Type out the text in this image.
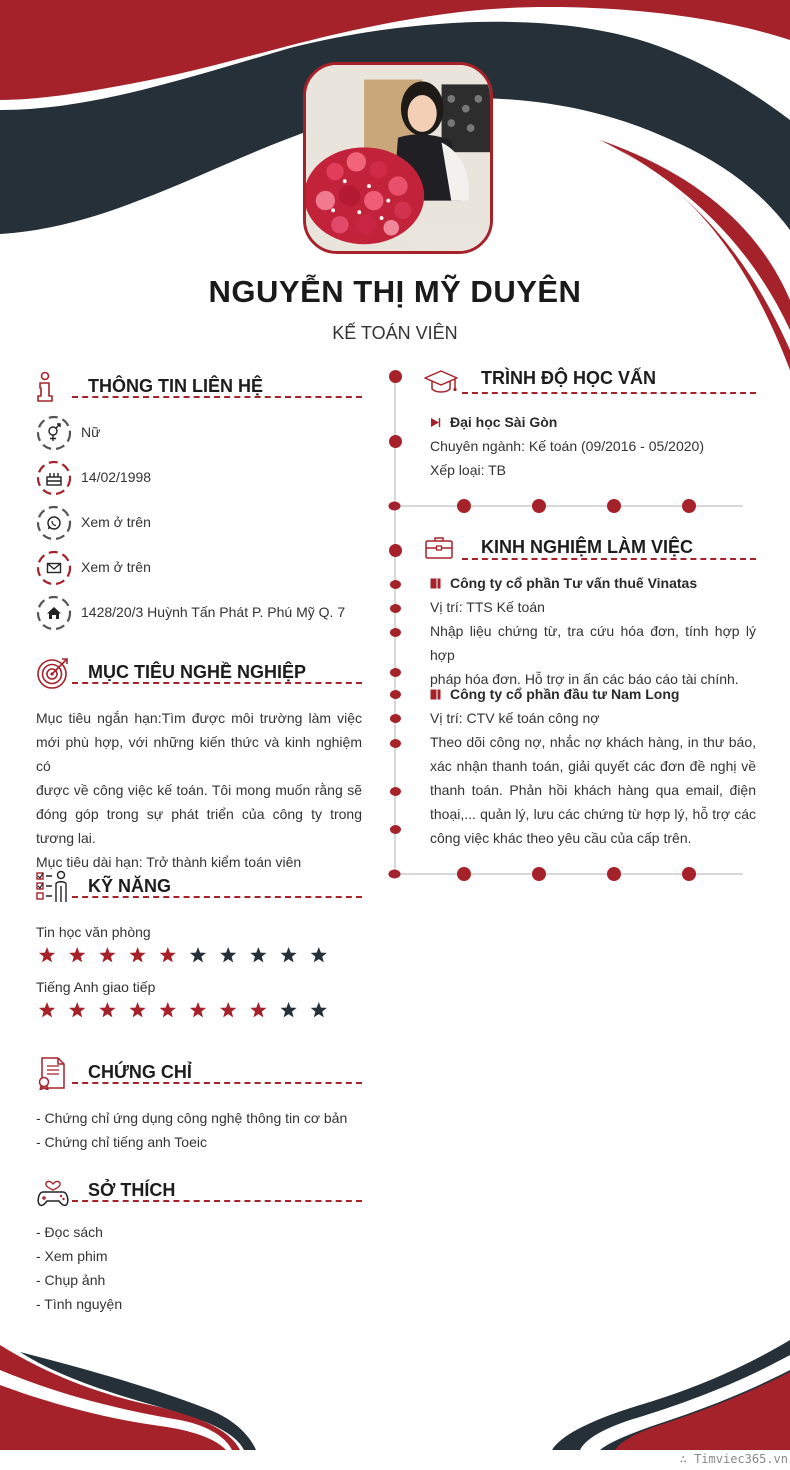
NGUYỄN THỊ MỸ DUYÊN
KẾ TOÁN VIÊN
THÔNG TIN LIÊN HỆ
Nữ
14/02/1998
Xem ở trên
Xem ở trên
1428/20/3 Huỳnh Tấn Phát P. Phú Mỹ Q. 7
MỤC TIÊU NGHỀ NGHIỆP
Mục tiêu ngắn hạn:Tìm được môi trường làm việc
mới phù hợp, với những kiến thức và kinh nghiệm có
được về công việc kế toán. Tôi mong muốn rằng sẽ
đóng góp trong sự phát triển của công ty trong
tương lai.
Mục tiêu dài hạn: Trở thành kiểm toán viên
KỸ NĂNG
Tin học văn phòng
Tiếng Anh giao tiếp
CHỨNG CHỈ
- Chứng chỉ ứng dụng công nghệ thông tin cơ bản
- Chứng chỉ tiếng anh Toeic
SỞ THÍCH
- Đọc sách
- Xem phim
- Chụp ảnh
- Tình nguyện
TRÌNH ĐỘ HỌC VẤN
Đại học Sài Gòn
Chuyên ngành: Kế toán (09/2016 - 05/2020)
Xếp loại: TB
KINH NGHIỆM LÀM VIỆC
Công ty cổ phần Tư vấn thuế Vinatas
Vị trí: TTS Kế toán
Nhập liệu chứng từ, tra cứu hóa đơn, tính hợp lý hợp
pháp hóa đơn. Hỗ trợ in ấn các báo cáo tài chính.
Công ty cổ phần đầu tư Nam Long
Vị trí: CTV kế toán công nợ
Theo dõi công nợ, nhắc nợ khách hàng, in thư báo,
xác nhận thanh toán, giải quyết các đơn đề nghị về
thanh toán. Phản hồi khách hàng qua email, điện
thoại,... quản lý, lưu các chứng từ hợp lý, hỗ trợ các
công việc khác theo yêu cầu của cấp trên.
∴ Timviec365.vn
